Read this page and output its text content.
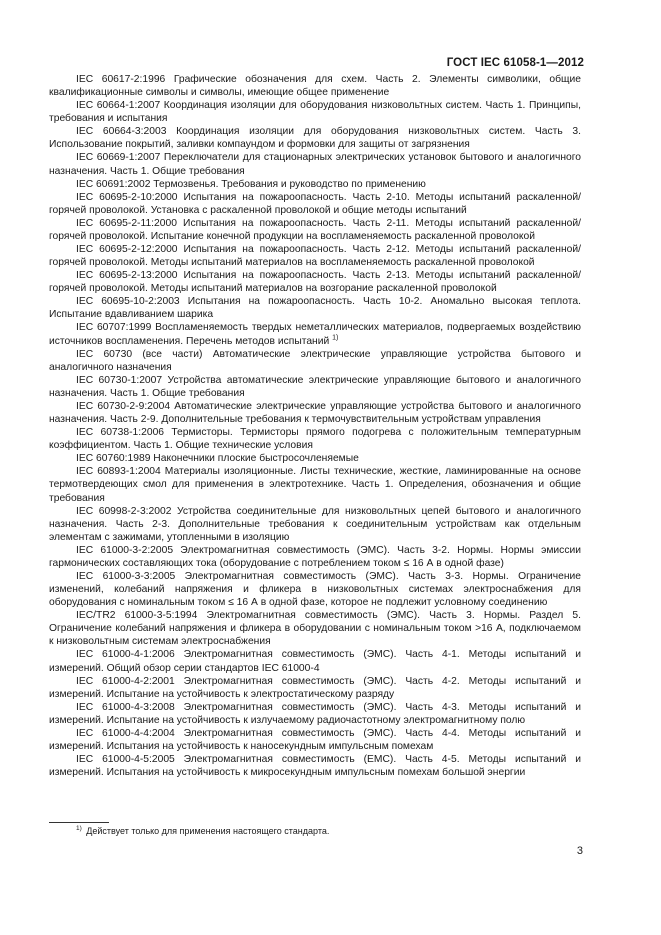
ГОСТ IEC 61058-1—2012

IEC 60617-2:1996 Графические обозначения для схем. Часть 2. Элементы символики, общие квалификационные символы и символы, имеющие общее применение

IEC 60664-1:2007 Координация изоляции для оборудования низковольтных систем. Часть 1. Принципы, требования и испытания

IEC 60664-3:2003 Координация изоляции для оборудования низковольтных систем. Часть 3. Использование покрытий, заливки компаундом и формовки для защиты от загрязнения

IEC 60669-1:2007 Переключатели для стационарных электрических установок бытового и аналогичного назначения. Часть 1. Общие требования

IEC 60691:2002 Термозвенья. Требования и руководство по применению

IEC 60695-2-10:2000 Испытания на пожароопасность. Часть 2-10. Методы испытаний раскаленной/горячей проволокой. Установка с раскаленной проволокой и общие методы испытаний

IEC 60695-2-11:2000 Испытания на пожароопасность. Часть 2-11. Методы испытаний раскаленной/горячей проволокой. Испытание конечной продукции на воспламеняемость раскаленной проволокой

IEC 60695-2-12:2000 Испытания на пожароопасность. Часть 2-12. Методы испытаний раскаленной/горячей проволокой. Методы испытаний материалов на воспламеняемость раскаленной проволокой

IEC 60695-2-13:2000 Испытания на пожароопасность. Часть 2-13. Методы испытаний раскаленной/горячей проволокой. Методы испытаний материалов на возгорание раскаленной проволокой

IEC 60695-10-2:2003 Испытания на пожароопасность. Часть 10-2. Аномально высокая теплота. Испытание вдавливанием шарика

IEC 60707:1999 Воспламеняемость твердых неметаллических материалов, подвергаемых воздействию источников воспламенения. Перечень методов испытаний $^{1)}$

IEC 60730 (все части) Автоматические электрические управляющие устройства бытового и аналогичного назначения

IEC 60730-1:2007 Устройства автоматические электрические управляющие бытового и аналогичного назначения. Часть 1. Общие требования

IEC 60730-2-9:2004 Автоматические электрические управляющие устройства бытового и аналогичного назначения. Часть 2-9. Дополнительные требования к термочувствительным устройствам управления

IEC 60738-1:2006 Термисторы. Термисторы прямого подогрева с положительным температурным коэффициентом. Часть 1. Общие технические условия

IEC 60760:1989 Наконечники плоские быстросочленяемые

IEC 60893-1:2004 Материалы изоляционные. Листы технические, жесткие, ламинированные на основе термотвердеющих смол для применения в электротехнике. Часть 1. Определения, обозначения и общие требования

IEC 60998-2-3:2002 Устройства соединительные для низковольтных цепей бытового и аналогичного назначения. Часть 2-3. Дополнительные требования к соединительным устройствам как отдельным элементам с зажимами, утопленными в изоляцию

IEC 61000-3-2:2005 Электромагнитная совместимость (ЭМС). Часть 3-2. Нормы. Нормы эмиссии гармонических составляющих тока (оборудование с потреблением током ≤ 16 А в одной фазе)

IEC 61000-3-3:2005 Электромагнитная совместимость (ЭМС). Часть 3-3. Нормы. Ограничение изменений, колебаний напряжения и фликера в низковольтных системах электроснабжения для оборудования с номинальным током ≤ 16 А в одной фазе, которое не подлежит условному соединению

IEC/TR2 61000-3-5:1994 Электромагнитная совместимость (ЭМС). Часть 3. Нормы. Раздел 5. Ограничение колебаний напряжения и фликера в оборудовании с номинальным током >16 А, подключаемом к низковольтным системам электроснабжения

IEC 61000-4-1:2006 Электромагнитная совместимость (ЭМС). Часть 4-1. Методы испытаний и измерений. Общий обзор серии стандартов IEC 61000-4

IEC 61000-4-2:2001 Электромагнитная совместимость (ЭМС). Часть 4-2. Методы испытаний и измерений. Испытание на устойчивость к электростатическому разряду

IEC 61000-4-3:2008 Электромагнитная совместимость (ЭМС). Часть 4-3. Методы испытаний и измерений. Испытание на устойчивость к излучаемому радиочастотному электромагнитному полю

IEC 61000-4-4:2004 Электромагнитная совместимость (ЭМС). Часть 4-4. Методы испытаний и измерений. Испытания на устойчивость к наносекундным импульсным помехам

IEC 61000-4-5:2005 Электромагнитная совместимость (ЕМС). Часть 4-5. Методы испытаний и измерений. Испытания на устойчивость к микросекундным импульсным помехам большой энергии

$^{1)}$ Действует только для применения настоящего стандарта.
3
